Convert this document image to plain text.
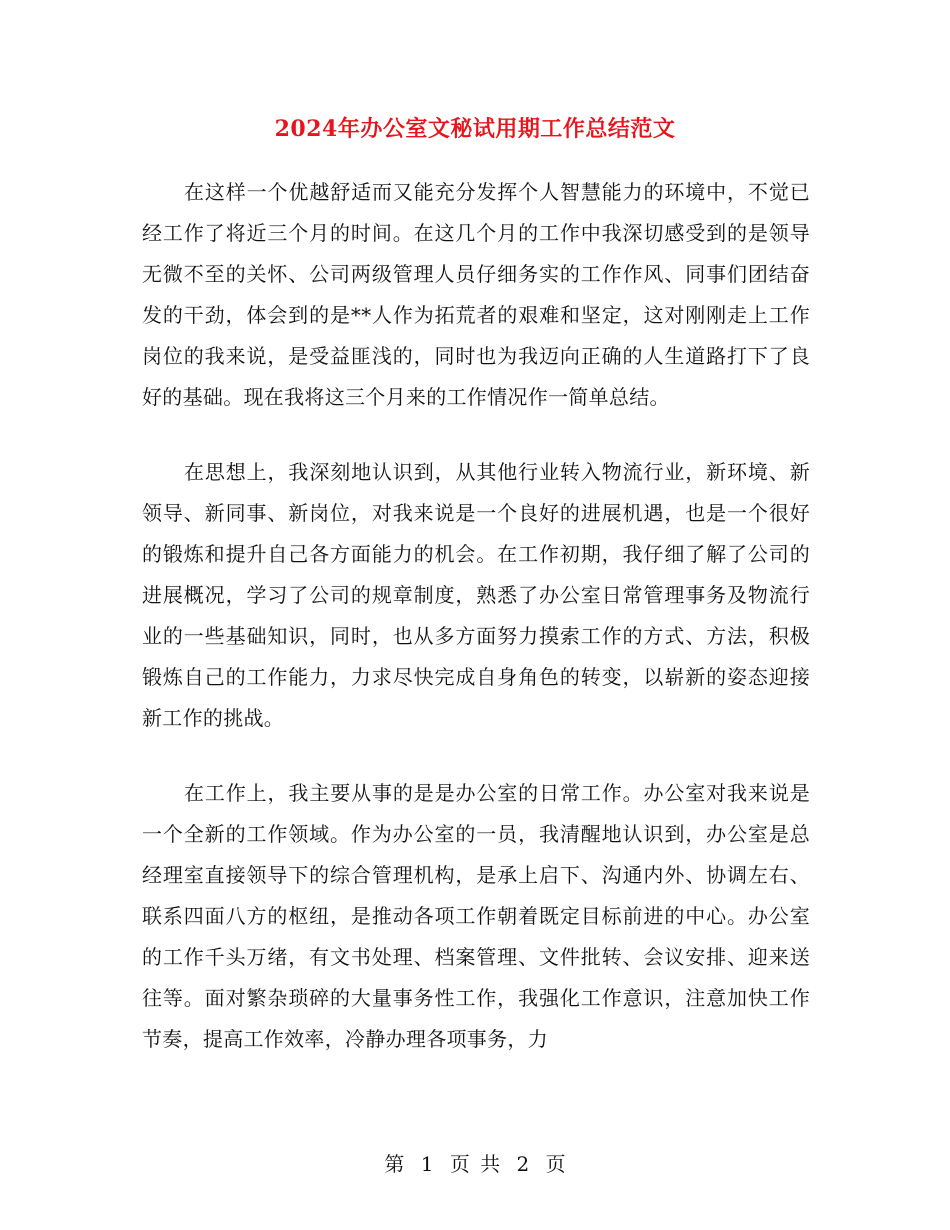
2024年办公室文秘试用期工作总结范文

在这样一个优越舒适而又能充分发挥个人智慧能力的环境中，不觉已经工作了将近三个月的时间。在这几个月的工作中我深切感受到的是领导无微不至的关怀、公司两级管理人员仔细务实的工作作风、同事们团结奋发的干劲，体会到的是**人作为拓荒者的艰难和坚定，这对刚刚走上工作岗位的我来说，是受益匪浅的，同时也为我迈向正确的人生道路打下了良好的基础。现在我将这三个月来的工作情况作一简单总结。

在思想上，我深刻地认识到，从其他行业转入物流行业，新环境、新领导、新同事、新岗位，对我来说是一个良好的进展机遇，也是一个很好的锻炼和提升自己各方面能力的机会。在工作初期，我仔细了解了公司的进展概况，学习了公司的规章制度，熟悉了办公室日常管理事务及物流行业的一些基础知识，同时，也从多方面努力摸索工作的方式、方法，积极锻炼自己的工作能力，力求尽快完成自身角色的转变，以崭新的姿态迎接新工作的挑战。

在工作上，我主要从事的是是办公室的日常工作。办公室对我来说是一个全新的工作领域。作为办公室的一员，我清醒地认识到，办公室是总经理室直接领导下的综合管理机构，是承上启下、沟通内外、协调左右、联系四面八方的枢纽，是推动各项工作朝着既定目标前进的中心。办公室的工作千头万绪，有文书处理、档案管理、文件批转、会议安排、迎来送往等。面对繁杂琐碎的大量事务性工作，我强化工作意识，注意加快工作节奏，提高工作效率，冷静办理各项事务，力

第 1 页 共 2 页
